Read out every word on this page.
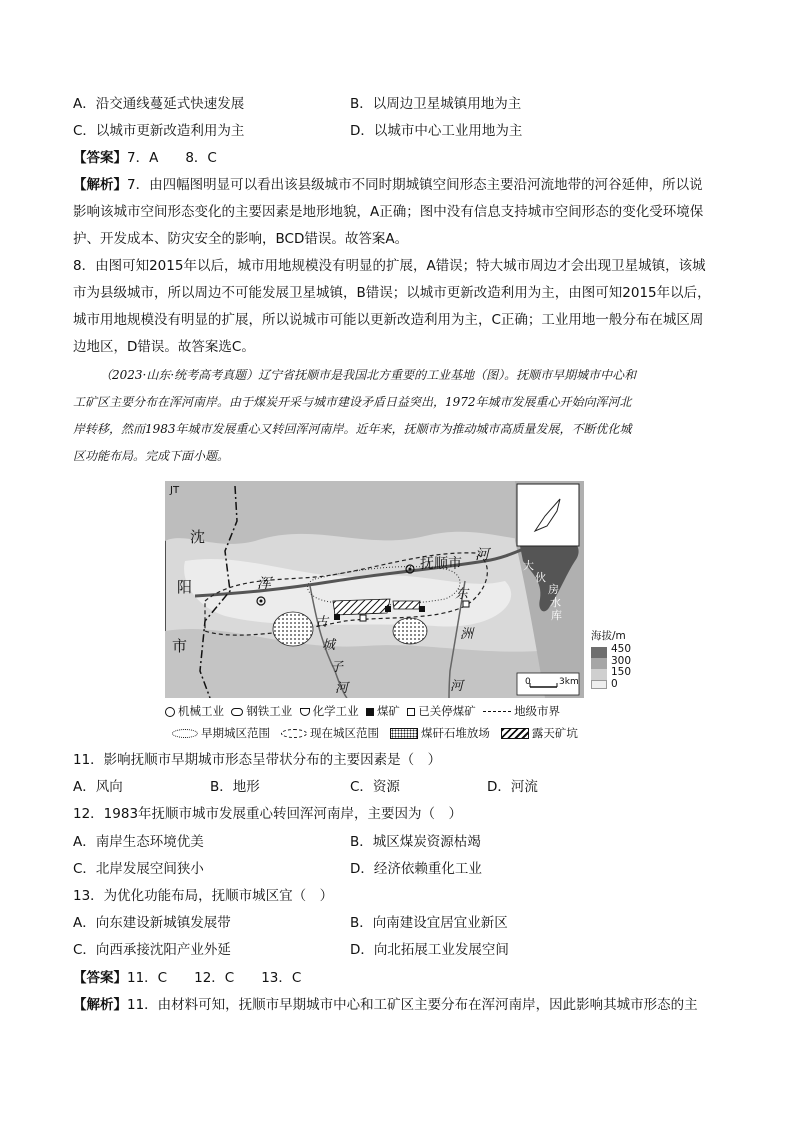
A．沿交通线蔓延式快速发展	B．以周边卫星城镇用地为主
C．以城市更新改造利用为主	D．以城市中心工业用地为主
【答案】7．A　　8．C
【解析】7．由四幅图明显可以看出该县级城市不同时期城镇空间形态主要沿河流地带的河谷延伸，所以说
影响该城市空间形态变化的主要因素是地形地貌，A正确；图中没有信息支持城市空间形态的变化受环境保
护、开发成本、防灾安全的影响，BCD错误。故答案A。
8．由图可知2015年以后，城市用地规模没有明显的扩展，A错误；特大城市周边才会出现卫星城镇，该城
市为县级城市，所以周边不可能发展卫星城镇，B错误；以城市更新改造利用为主，由图可知2015年以后，
城市用地规模没有明显的扩展，所以说城市可能以更新改造利用为主，C正确；工业用地一般分布在城区周
边地区，D错误。故答案选C。
（2023·山东·统考高考真题）辽宁省抚顺市是我国北方重要的工业基地（图）。抚顺市早期城市中心和
工矿区主要分布在浑河南岸。由于煤炭开采与城市建设矛盾日益突出，1972年城市发展重心开始向浑河北
岸转移，然而1983年城市发展重心又转回浑河南岸。近年来，抚顺市为推动城市高质量发展，不断优化城
区功能布局。完成下面小题。
JT
沈
阳
市
抚顺市
浑
河
东
洲
河
古
城
子
河
大
伙
房
水
库
0	3km
海拔/m
450
300
150
0
机械工业 钢铁工业 化学工业 煤矿 已关停煤矿	地级市界
早期城区范围	现在城区范围	煤矸石堆放场	露天矿坑
11．影响抚顺市早期城市形态呈带状分布的主要因素是（　）
A．风向	B．地形	C．资源	D．河流
12．1983年抚顺市城市发展重心转回浑河南岸，主要因为（　）
A．南岸生态环境优美	B．城区煤炭资源枯竭
C．北岸发展空间狭小	D．经济依赖重化工业
13．为优化功能布局，抚顺市城区宜（　）
A．向东建设新城镇发展带	B．向南建设宜居宜业新区
C．向西承接沈阳产业外延	D．向北拓展工业发展空间
【答案】11．C　　12．C　　13．C
【解析】11．由材料可知，抚顺市早期城市中心和工矿区主要分布在浑河南岸，因此影响其城市形态的主
